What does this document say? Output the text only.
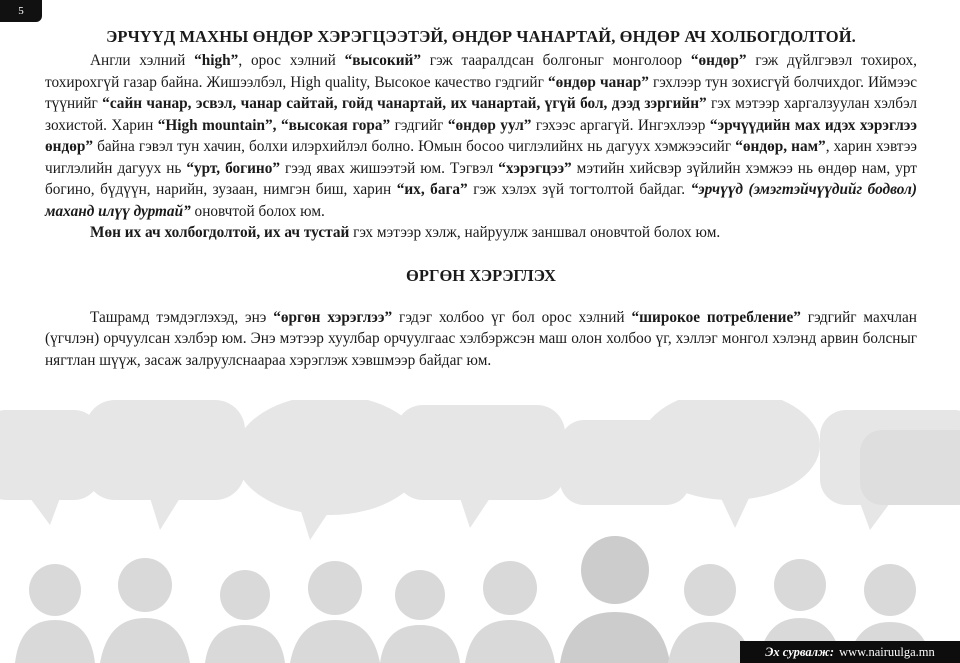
5
ЭРЧҮҮД МАХНЫ ӨНДӨР ХЭРЭГЦЭЭТЭЙ, ӨНДӨР ЧАНАРТАЙ, ӨНДӨР АЧ ХОЛБОГДОЛТОЙ.

Англи хэлний “high”, орос хэлний “высокий” гэж тааралдсан болгоныг монголоор “өндөр” гэж дүйлгэвэл тохирох, тохирохгүй газар байна. Жишээлбэл, High quality, Высокое качество гэдгийг “өндөр чанар” гэхлээр тун зохисгүй болчихдог. Иймээс түүнийг “сайн чанар, эсвэл, чанар сайтай, гойд чанартай, их чанартай, үгүй бол, дээд зэргийн” гэх мэтээр харгалзуулан хэлбэл зохистой. Харин “High mountain”, “высокая гора” гэдгийг “өндөр уул” гэхээс аргагүй. Ингэхлээр “эрчүүдийн мах идэх хэрэглээ өндөр” байна гэвэл тун хачин, болхи илэрхийлэл болно. Юмын босоо чиглэлийнх нь дагуух хэмжээсийг “өндөр, нам”, харин хэвтээ чиглэлийн дагуух нь “урт, богино” гээд явах жишээтэй юм. Тэгвэл “хэрэгцээ” мэтийн хийсвэр зүйлийн хэмжээ нь өндөр нам, урт богино, бүдүүн, нарийн, зузаан, нимгэн биш, харин “их, бага” гэж хэлэх зүй тогтолтой байдаг. “эрчүүд (эмэгтэйчүүдийг бодвол) маханд илүү дуртай” оновчтой болох юм.

Мөн их ач холбогдолтой, их ач тустай гэх мэтээр хэлж, найруулж заншвал оновчтой болох юм.

ӨРГӨН ХЭРЭГЛЭХ

Ташрамд тэмдэглэхэд, энэ “өргөн хэрэглээ” гэдэг холбоо үг бол орос хэлний “широкое потребление” гэдгийг махчлан (үгчлэн) орчуулсан хэлбэр юм. Энэ мэтээр хуулбар орчуулгаас хэлбэржсэн маш олон холбоо үг, хэллэг монгол хэлэнд арвин болсныг нягтлан шүүж, засаж залруулснаараа хэрэглэж хэвшмээр байдаг юм.

Эх сурвалж: www.nairuulga.mn
